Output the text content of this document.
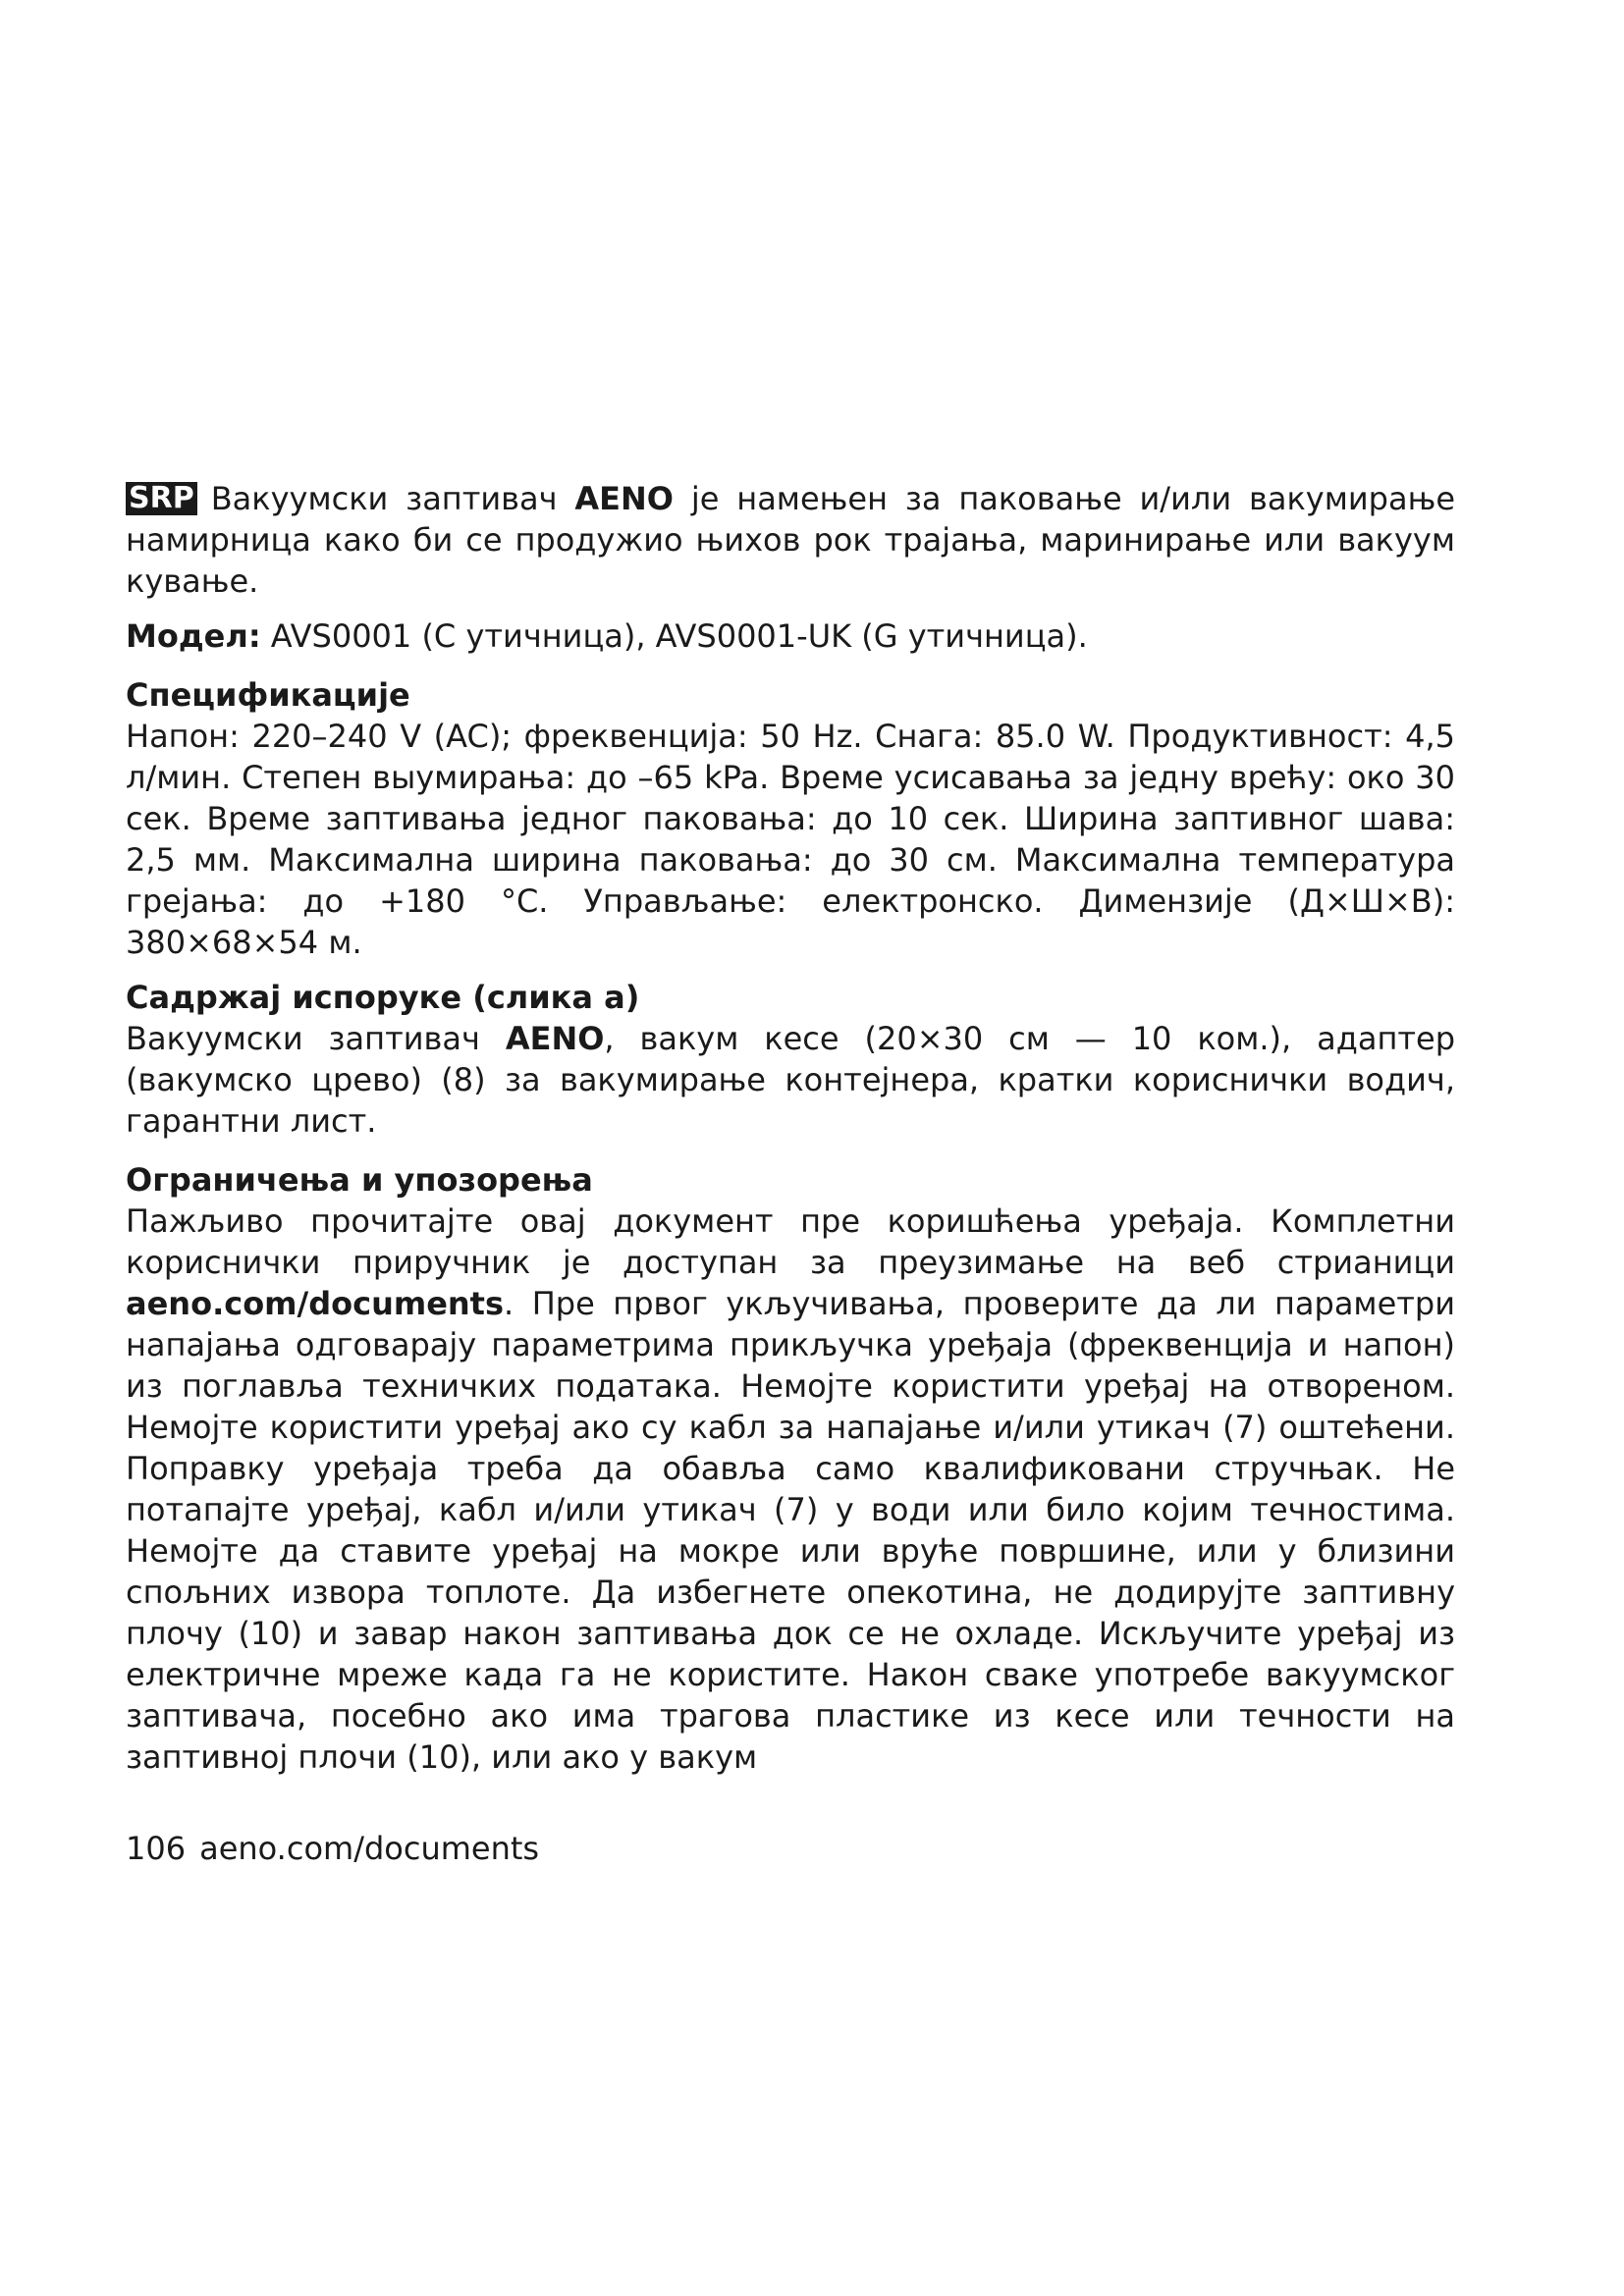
SRP Вакуумски заптивач AENO је намењен за паковање и/или вакумирање намирница како би се продужио њихов рок трајања, маринирање или вакуум кување.

Модел: AVS0001 (C утичница), AVS0001-UK (G утичница).

Спецификације

Напон: 220–240 V (AC); фреквенција: 50 Hz. Снага: 85.0 W. Продуктивност: 4,5 л/мин. Степен выумирања: до –65 kPa. Време усисавања за једну врећу: око 30 сек. Време заптивања једног паковања: до 10 сек. Ширина заптивног шава: 2,5 мм. Максимална ширина паковања: до 30 см. Максимална температура грејања: до +180 °C. Управљање: електронско. Димензије (Д×Ш×В): 380×68×54 м.

Садржај испоруке (слика а)

Вакуумски заптивач AENO, вакум кесе (20×30 см — 10 ком.), адаптер (вакумско црево) (8) за вакумирање контејнера, кратки кориснички водич, гарантни лист.

Ограничења и упозорења

Пажљиво прочитајте овај документ пре коришћења уређаја. Комплетни кориснички приручник је доступан за преузимање на веб стрианици aeno.com/documents. Пре првог укључивања, проверите да ли параметри напајања одговарају параметрима прикључка уређаја (фреквенција и напон) из поглавља техничких података. Немојте користити уређај на отвореном. Немојте користити уређај ако су кабл за напајање и/или утикач (7) оштећени. Поправку уређаја треба да обавља само квалификовани стручњак. Не потапајте уређај, кабл и/или утикач (7) у води или било којим течностима. Немојте да ставите уређај на мокре или вруће површине, или у близини спољних извора топлоте. Да избегнете опекотина, не додирујте заптивну плочу (10) и завар након заптивања док се не охладе. Искључите уређај из електричне мреже када га не користите. Након сваке употребе вакуумског заптивача, посебно ако има трагова пластике из кесе или течности на заптивној плочи (10), или ако у вакум

106 aeno.com/documents
